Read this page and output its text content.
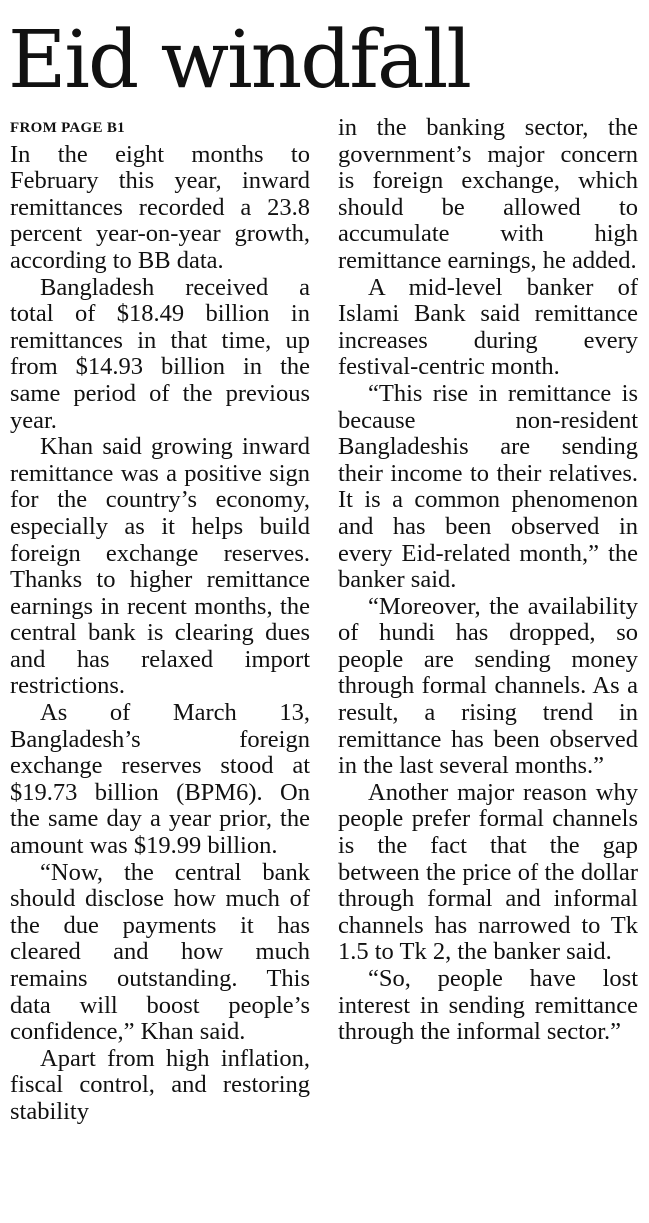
Eid windfall
FROM PAGE B1

In the eight months to February this year, inward remittances recorded a 23.8 percent year-on-year growth, according to BB data.

Bangladesh received a total of $18.49 billion in remittances in that time, up from $14.93 billion in the same period of the previous year.

Khan said growing inward remittance was a positive sign for the country’s economy, especially as it helps build foreign exchange reserves. Thanks to higher remittance earnings in recent months, the central bank is clearing dues and has relaxed import restrictions.

As of March 13, Bangladesh’s foreign exchange reserves stood at $19.73 billion (BPM6). On the same day a year prior, the amount was $19.99 billion.

“Now, the central bank should disclose how much of the due payments it has cleared and how much remains outstanding. This data will boost people’s confidence,” Khan said.

Apart from high inflation, fiscal control, and restoring stability

in the banking sector, the government’s major concern is foreign exchange, which should be allowed to accumulate with high remittance earnings, he added.

A mid-level banker of Islami Bank said remittance increases during every festival-centric month.

“This rise in remittance is because non-resident Bangladeshis are sending their income to their relatives. It is a common phenomenon and has been observed in every Eid-related month,” the banker said.

“Moreover, the availability of hundi has dropped, so people are sending money through formal channels. As a result, a rising trend in remittance has been observed in the last several months.”

Another major reason why people prefer formal channels is the fact that the gap between the price of the dollar through formal and informal channels has narrowed to Tk 1.5 to Tk 2, the banker said.

“So, people have lost interest in sending remittance through the informal sector.”
